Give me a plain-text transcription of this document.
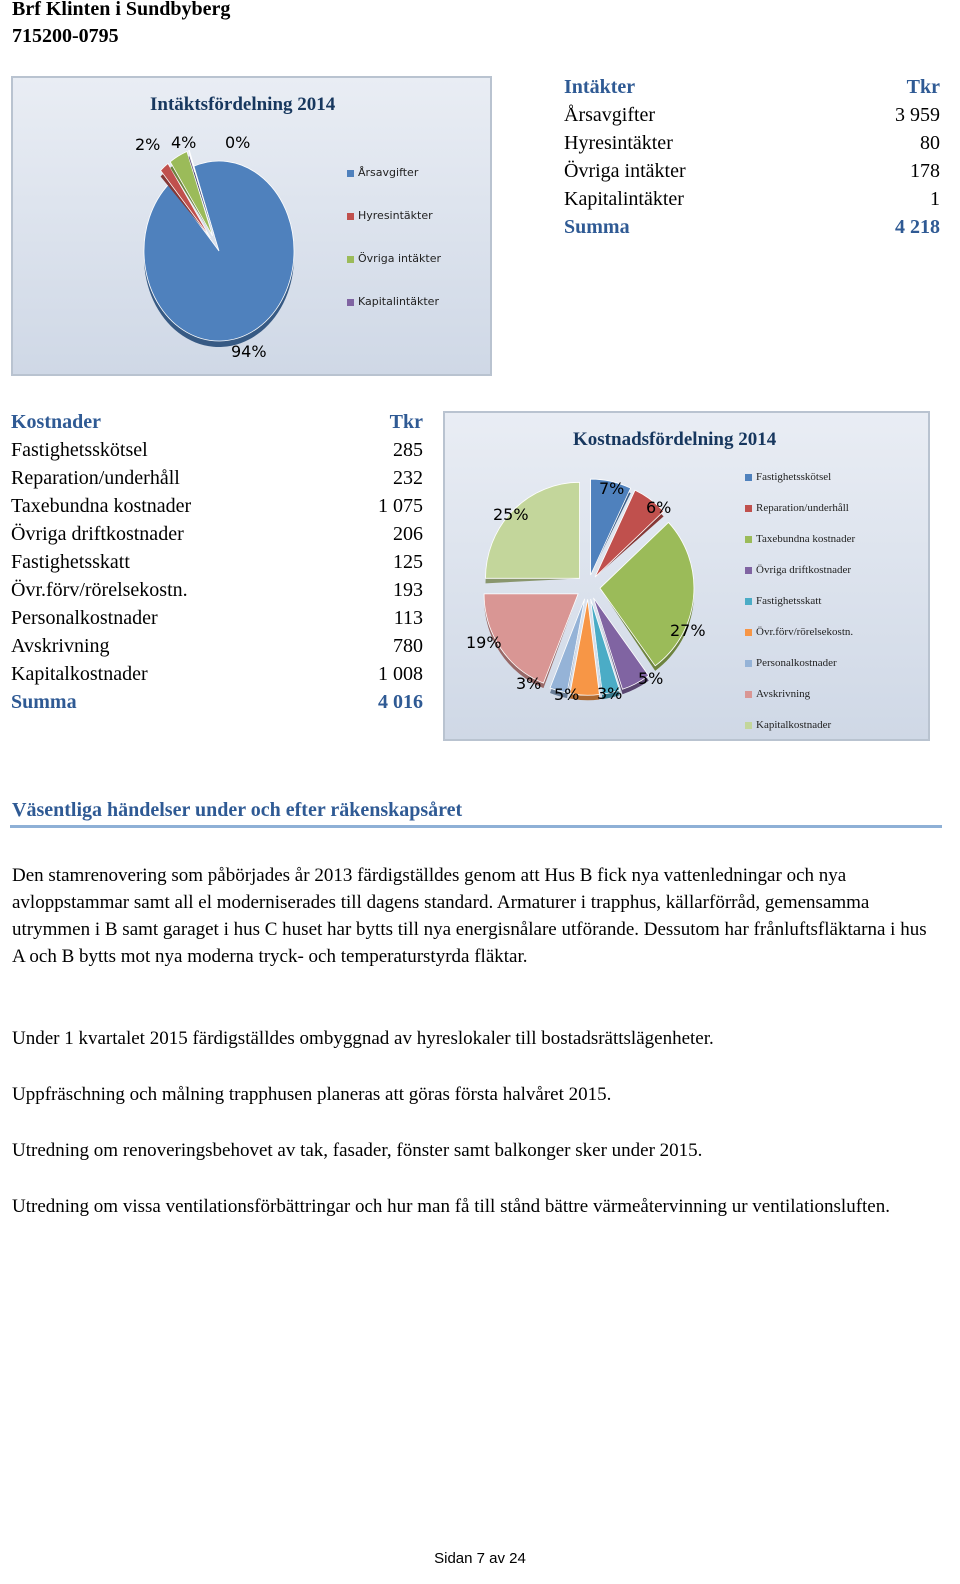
Brf Klinten i Sundbyberg
715200-0795
Intäktsfördelning 2014
2% 4% 0%
94%
Årsavgifter
Hyresintäkter
Övriga intäkter
Kapitalintäkter
Intäkter	Tkr
Årsavgifter	3 959
Hyresintäkter	80
Övriga intäkter	178
Kapitalintäkter	1
Summa	4 218
Kostnader	Tkr
Fastighetsskötsel	285
Reparation/underhåll	232
Taxebundna kostnader	1 075
Övriga driftkostnader	206
Fastighetsskatt	125
Övr.förv/rörelsekostn.	193
Personalkostnader	113
Avskrivning	780
Kapitalkostnader	1 008
Summa	4 016
Kostnadsfördelning 2014
7%
6%
27%
5%
3%
5%
3%
19%
25%
Fastighetsskötsel
Reparation/underhåll
Taxebundna kostnader
Övriga driftkostnader
Fastighetsskatt
Övr.förv/rörelsekostn.
Personalkostnader
Avskrivning
Kapitalkostnader
Väsentliga händelser under och efter räkenskapsåret
Den stamrenovering som påbörjades år 2013 färdigställdes genom att Hus B fick nya vattenledningar och nya avloppstammar samt all el moderniserades till dagens standard. Armaturer i trapphus, källarförråd, gemensamma utrymmen i B samt garaget i hus C huset har bytts till nya energisnålare utförande. Dessutom har frånluftsfläktarna i hus A och B bytts mot nya moderna tryck- och temperaturstyrda fläktar.
Under 1 kvartalet 2015 färdigställdes ombyggnad av hyreslokaler till bostadsrättslägenheter.
Uppfräschning och målning trapphusen planeras att göras första halvåret 2015.
Utredning om renoveringsbehovet av tak, fasader, fönster samt balkonger sker under 2015.
Utredning om vissa ventilationsförbättringar och hur man få till stånd bättre värmeåtervinning ur ventilationsluften.
Sidan 7 av 24
